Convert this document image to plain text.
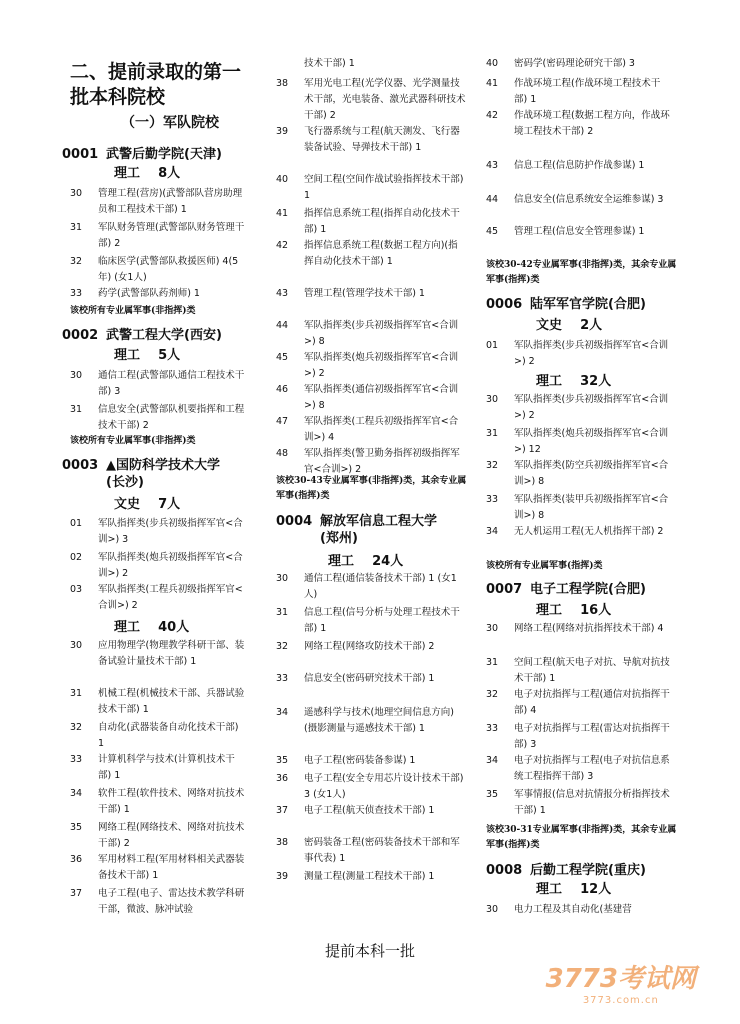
二、提前录取的第一
批本科院校
（一）军队院校
0001 武警后勤学院(天津)
理工    8人
30	管理工程(营房)(武警部队营房助理员和工程技术干部) 1
31	军队财务管理(武警部队财务管理干部) 2
32	临床医学(武警部队救援医师) 4(5年) (女1人)
33	药学(武警部队药剂师) 1
该校所有专业属军事(非指挥)类
0002 武警工程大学(西安)
理工    5人
30	通信工程(武警部队通信工程技术干部) 3
31	信息安全(武警部队机要指挥和工程技术干部) 2
该校所有专业属军事(非指挥)类
0003 ▲国防科学技术大学
(长沙)
文史    7人
01	军队指挥类(步兵初级指挥军官<合训>) 3
02	军队指挥类(炮兵初级指挥军官<合训>) 2
03	军队指挥类(工程兵初级指挥军官<合训>) 2
理工    40人
30	应用物理学(物理教学科研干部、装备试验计量技术干部) 1
31	机械工程(机械技术干部、兵器试验技术干部) 1
32	自动化(武器装备自动化技术干部) 1
33	计算机科学与技术(计算机技术干部) 1
34	软件工程(软件技术、网络对抗技术干部) 1
35	网络工程(网络技术、网络对抗技术干部) 2
36	军用材料工程(军用材料相关武器装备技术干部) 1
37	电子工程(电子、雷达技术教学科研干部，微波、脉冲试验
技术干部) 1
38	军用光电工程(光学仪器、光学测量技术干部，光电装备、激光武器科研技术干部) 2
39	飞行器系统与工程(航天测发、飞行器装备试验、导弹技术干部) 1
40	空间工程(空间作战试验指挥技术干部) 1
41	指挥信息系统工程(指挥自动化技术干部) 1
42	指挥信息系统工程(数据工程方向)(指挥自动化技术干部) 1
43	管理工程(管理学技术干部) 1
44	军队指挥类(步兵初级指挥军官<合训>) 8
45	军队指挥类(炮兵初级指挥军官<合训>) 2
46	军队指挥类(通信初级指挥军官<合训>) 8
47	军队指挥类(工程兵初级指挥军官<合训>) 4
48	军队指挥类(警卫勤务指挥初级指挥军官<合训>) 2
该校30-43专业属军事(非指挥)类，其余专业属军事(指挥)类
0004 解放军信息工程大学
(郑州)
理工    24人
30	通信工程(通信装备技术干部) 1 (女1人)
31	信息工程(信号分析与处理工程技术干部) 1
32	网络工程(网络攻防技术干部) 2
33	信息安全(密码研究技术干部) 1
34	遥感科学与技术(地理空间信息方向)(摄影测量与遥感技术干部) 1
35	电子工程(密码装备参谋) 1
36	电子工程(安全专用芯片设计技术干部) 3 (女1人)
37	电子工程(航天侦查技术干部) 1
38	密码装备工程(密码装备技术干部和军事代表) 1
39	测量工程(测量工程技术干部) 1
40	密码学(密码理论研究干部) 3
41	作战环境工程(作战环境工程技术干部) 1
42	作战环境工程(数据工程方向，作战环境工程技术干部) 2
43	信息工程(信息防护作战参谋) 1
44	信息安全(信息系统安全运维参谋) 3
45	管理工程(信息安全管理参谋) 1
该校30-42专业属军事(非指挥)类，其余专业属军事(指挥)类
0006 陆军军官学院(合肥)
文史    2人
01	军队指挥类(步兵初级指挥军官<合训>) 2
理工    32人
30	军队指挥类(步兵初级指挥军官<合训>) 2
31	军队指挥类(炮兵初级指挥军官<合训>) 12
32	军队指挥类(防空兵初级指挥军官<合训>) 8
33	军队指挥类(装甲兵初级指挥军官<合训>) 8
34	无人机运用工程(无人机指挥干部) 2
该校所有专业属军事(指挥)类
0007 电子工程学院(合肥)
理工    16人
30	网络工程(网络对抗指挥技术干部) 4
31	空间工程(航天电子对抗、导航对抗技术干部) 1
32	电子对抗指挥与工程(通信对抗指挥干部) 4
33	电子对抗指挥与工程(雷达对抗指挥干部) 3
34	电子对抗指挥与工程(电子对抗信息系统工程指挥干部) 3
35	军事情报(信息对抗情报分析指挥技术干部) 1
该校30-31专业属军事(非指挥)类，其余专业属军事(指挥)类
0008 后勤工程学院(重庆)
理工    12人
30	电力工程及其自动化(基建营
提前本科一批
3773考试网
3773.com.cn
